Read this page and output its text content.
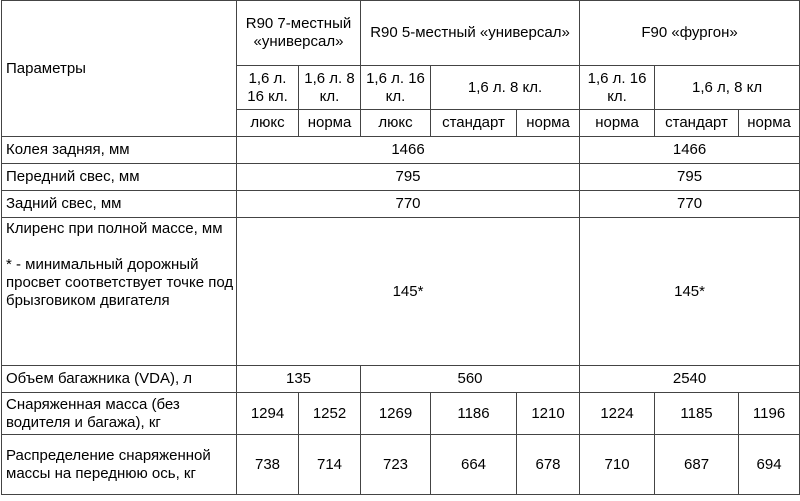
Параметры	R90 7-местный «универсал»		R90 5-местный «универсал»			F90 «фургон»		
	1,6 л. 16 кл.	1,6 л. 8 кл.	1,6 л. 16 кл.	1,6 л. 8 кл.		1,6 л. 16 кл.	1,6 л, 8 кл	
	люкс	норма	люкс	стандарт	норма	норма	стандарт	норма
Колея задняя, мм	1466					1466		
Передний свес, мм	795					795		
Задний свес, мм	770					770		
Клиренс при полной массе, мм
* - минимальный дорожный просвет соответствует точке под брызговиком двигателя	145*					145*		
Объем багажника (VDA), л	135		560			2540		
Снаряженная масса (без водителя и багажа), кг	1294	1252	1269	1186	1210	1224	1185	1196
Распределение снаряженной массы на переднюю ось, кг	738	714	723	664	678	710	687	694
